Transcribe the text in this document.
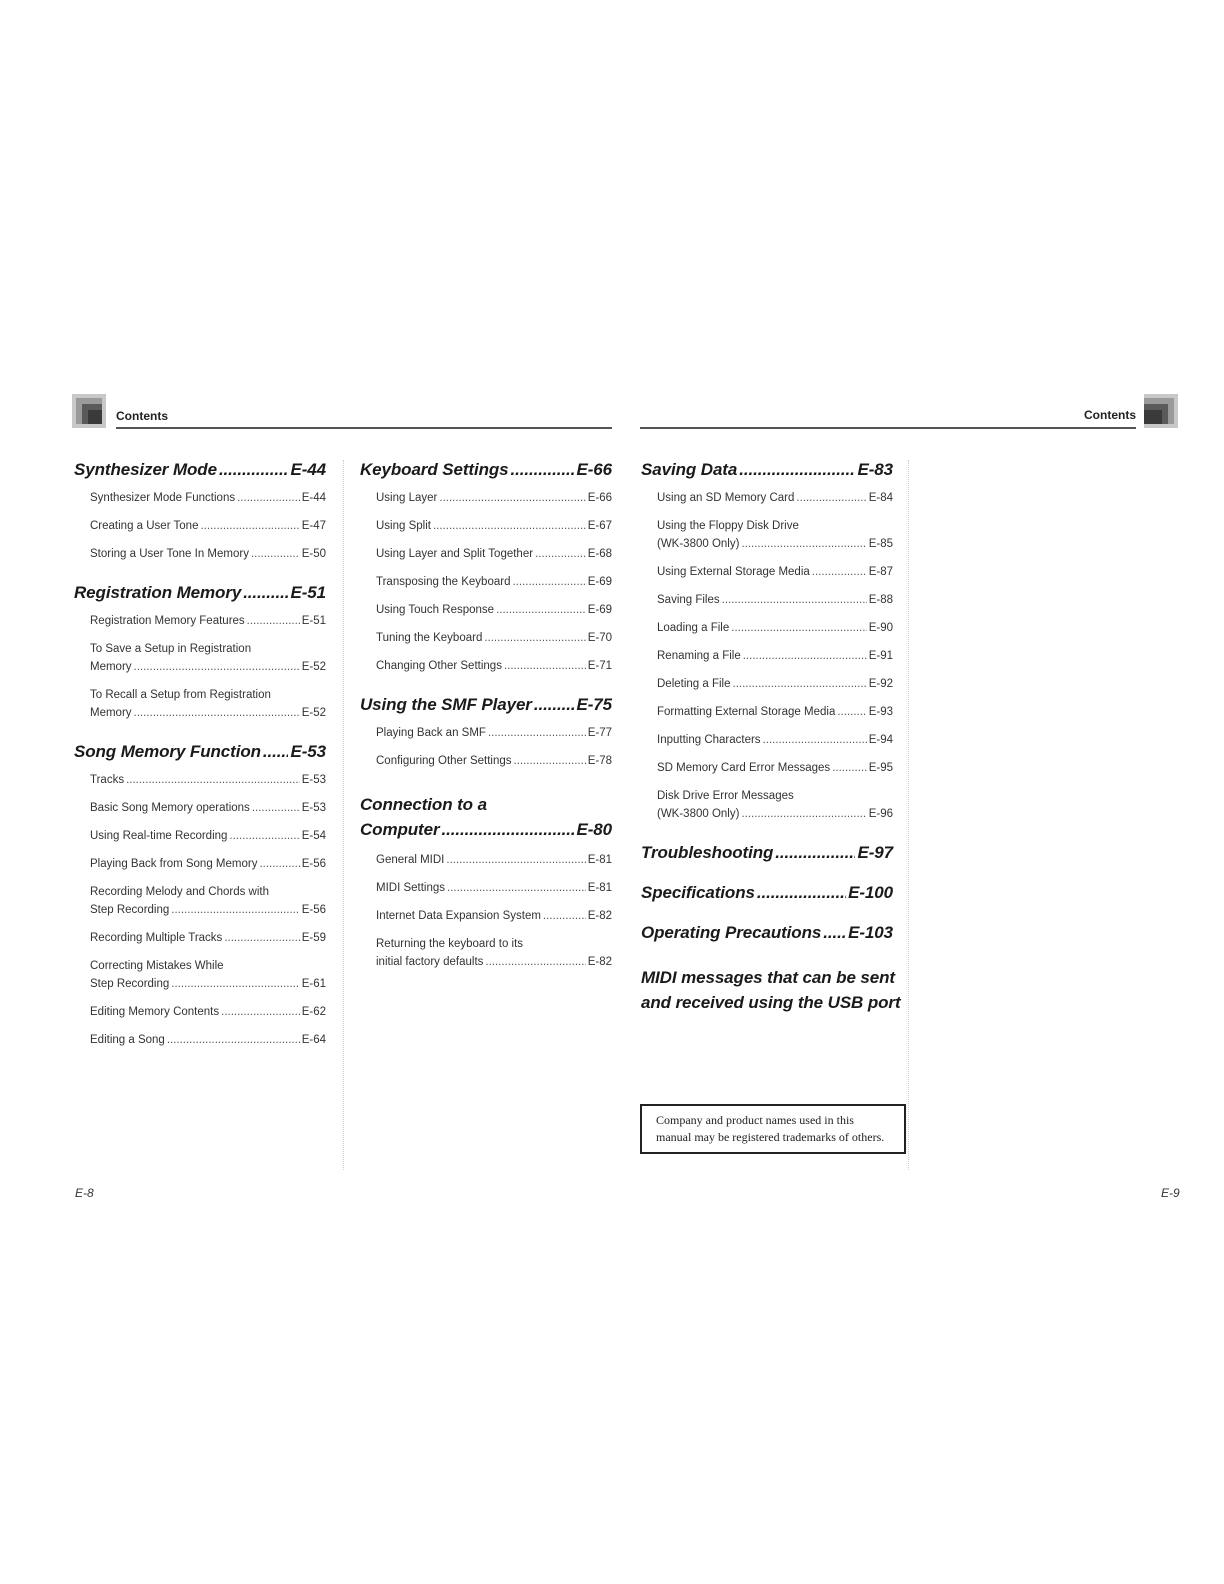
Contents	Contents
Synthesizer Mode .....	E-44
Synthesizer Mode Functions .....	E-44
Creating a User Tone .....	E-47
Storing a User Tone In Memory .....	E-50
Registration Memory .....	E-51
Registration Memory Features .....	E-51
To Save a Setup in Registration
Memory .....	E-52
To Recall a Setup from Registration
Memory .....	E-52
Song Memory Function ..... E-53
Tracks .....	E-53
Basic Song Memory operations .....	E-53
Using Real-time Recording .....	E-54
Playing Back from Song Memory .....	E-56
Recording Melody and Chords with
Step Recording .....	E-56
Recording Multiple Tracks .....	E-59
Correcting Mistakes While
Step Recording .....	E-61
Editing Memory Contents .....	E-62
Editing a Song .....	E-64
Keyboard Settings .....	E-66
Using Layer .....	E-66
Using Split .....	E-67
Using Layer and Split Together .....	E-68
Transposing the Keyboard .....	E-69
Using Touch Response .....	E-69
Tuning the Keyboard .....	E-70
Changing Other Settings .....	E-71
Using the SMF Player .....	E-75
Playing Back an SMF .....	E-77
Configuring Other Settings .....	E-78
Connection to a
Computer .....	E-80
General MIDI .....	E-81
MIDI Settings .....	E-81
Internet Data Expansion System .....	E-82
Returning the keyboard to its
initial factory defaults .....	E-82
Saving Data .....	E-83
Using an SD Memory Card .....	E-84
Using the Floppy Disk Drive
(WK-3800 Only) .....	E-85
Using External Storage Media .....	E-87
Saving Files .....	E-88
Loading a File .....	E-90
Renaming a File .....	E-91
Deleting a File .....	E-92
Formatting External Storage Media .....	E-93
Inputting Characters .....	E-94
SD Memory Card Error Messages .....	E-95
Disk Drive Error Messages
(WK-3800 Only) .....	E-96
Troubleshooting .....	E-97
Specifications .....	E-100
Operating Precautions ..... E-103
MIDI messages that can be sent
and received using the USB port
Company and product names used in this manual may be registered trademarks of others.
E-8	E-9
